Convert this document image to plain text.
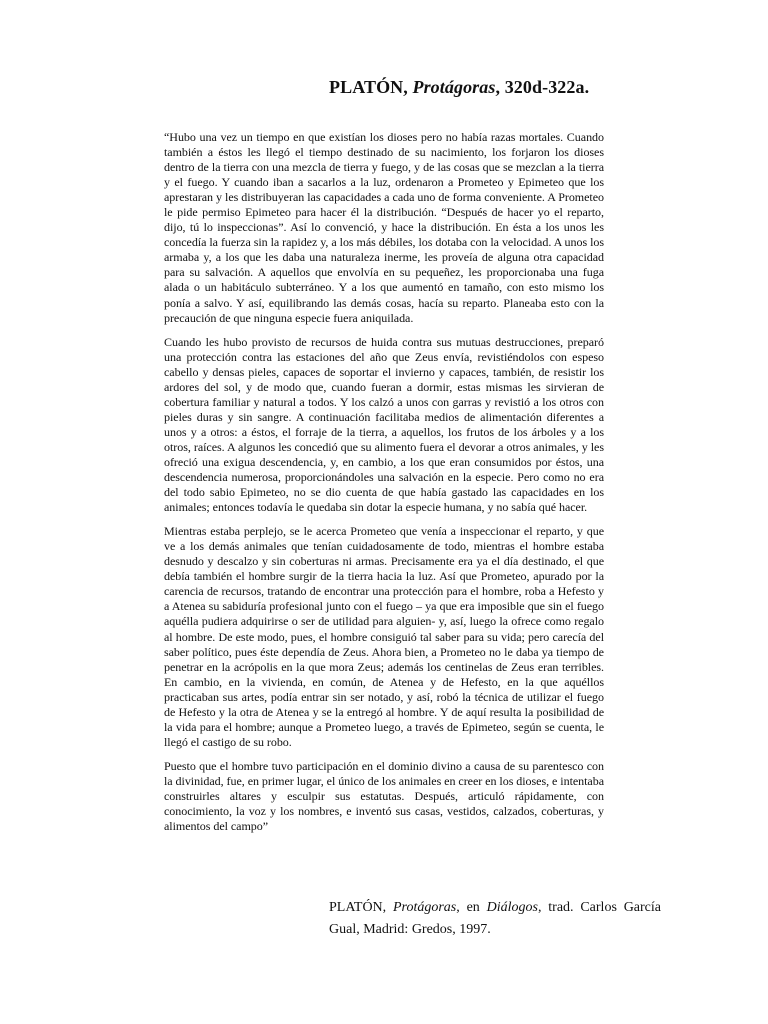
PLATÓN, Protágoras, 320d-322a.

“Hubo una vez un tiempo en que existían los dioses pero no había razas mortales. Cuando también a éstos les llegó el tiempo destinado de su nacimiento, los forjaron los dioses dentro de la tierra con una mezcla de tierra y fuego, y de las cosas que se mezclan a la tierra y el fuego. Y cuando iban a sacarlos a la luz, ordenaron a Prometeo y Epimeteo que los aprestaran y les distribuyeran las capacidades a cada uno de forma conveniente. A Prometeo le pide permiso Epimeteo para hacer él la distribución. “Después de hacer yo el reparto, dijo, tú lo inspeccionas”. Así lo convenció, y hace la distribución. En ésta a los unos les concedía la fuerza sin la rapidez y, a los más débiles, los dotaba con la velocidad. A unos los armaba y, a los que les daba una naturaleza inerme, les proveía de alguna otra capacidad para su salvación. A aquellos que envolvía en su pequeñez, les proporcionaba una fuga alada o un habitáculo subterráneo. Y a los que aumentó en tamaño, con esto mismo los ponía a salvo. Y así, equilibrando las demás cosas, hacía su reparto. Planeaba esto con la precaución de que ninguna especie fuera aniquilada.

Cuando les hubo provisto de recursos de huida contra sus mutuas destrucciones, preparó una protección contra las estaciones del año que Zeus envía, revistiéndolos con espeso cabello y densas pieles, capaces de soportar el invierno y capaces, también, de resistir los ardores del sol, y de modo que, cuando fueran a dormir, estas mismas les sirvieran de cobertura familiar y natural a todos. Y los calzó a unos con garras y revistió a los otros con pieles duras y sin sangre. A continuación facilitaba medios de alimentación diferentes a unos y a otros: a éstos, el forraje de la tierra, a aquellos, los frutos de los árboles y a los otros, raíces. A algunos les concedió que su alimento fuera el devorar a otros animales, y les ofreció una exigua descendencia, y, en cambio, a los que eran consumidos por éstos, una descendencia numerosa, proporcionándoles una salvación en la especie. Pero como no era del todo sabio Epimeteo, no se dio cuenta de que había gastado las capacidades en los animales; entonces todavía le quedaba sin dotar la especie humana, y no sabía qué hacer.

Mientras estaba perplejo, se le acerca Prometeo que venía a inspeccionar el reparto, y que ve a los demás animales que tenían cuidadosamente de todo, mientras el hombre estaba desnudo y descalzo y sin coberturas ni armas. Precisamente era ya el día destinado, el que debía también el hombre surgir de la tierra hacia la luz. Así que Prometeo, apurado por la carencia de recursos, tratando de encontrar una protección para el hombre, roba a Hefesto y a Atenea su sabiduría profesional junto con el fuego – ya que era imposible que sin el fuego aquélla pudiera adquirirse o ser de utilidad para alguien- y, así, luego la ofrece como regalo al hombre. De este modo, pues, el hombre consiguió tal saber para su vida; pero carecía del saber político, pues éste dependía de Zeus. Ahora bien, a Prometeo no le daba ya tiempo de penetrar en la acrópolis en la que mora Zeus; además los centinelas de Zeus eran terribles. En cambio, en la vivienda, en común, de Atenea y de Hefesto, en la que aquéllos practicaban sus artes, podía entrar sin ser notado, y así, robó la técnica de utilizar el fuego de Hefesto y la otra de Atenea y se la entregó al hombre. Y de aquí resulta la posibilidad de la vida para el hombre; aunque a Prometeo luego, a través de Epimeteo, según se cuenta, le llegó el castigo de su robo.

Puesto que el hombre tuvo participación en el dominio divino a causa de su parentesco con la divinidad, fue, en primer lugar, el único de los animales en creer en los dioses, e intentaba construirles altares y esculpir sus estatutas. Después, articuló rápidamente, con conocimiento, la voz y los nombres, e inventó sus casas, vestidos, calzados, coberturas, y alimentos del campo”

PLATÓN, Protágoras, en Diálogos, trad. Carlos García Gual, Madrid: Gredos, 1997.
